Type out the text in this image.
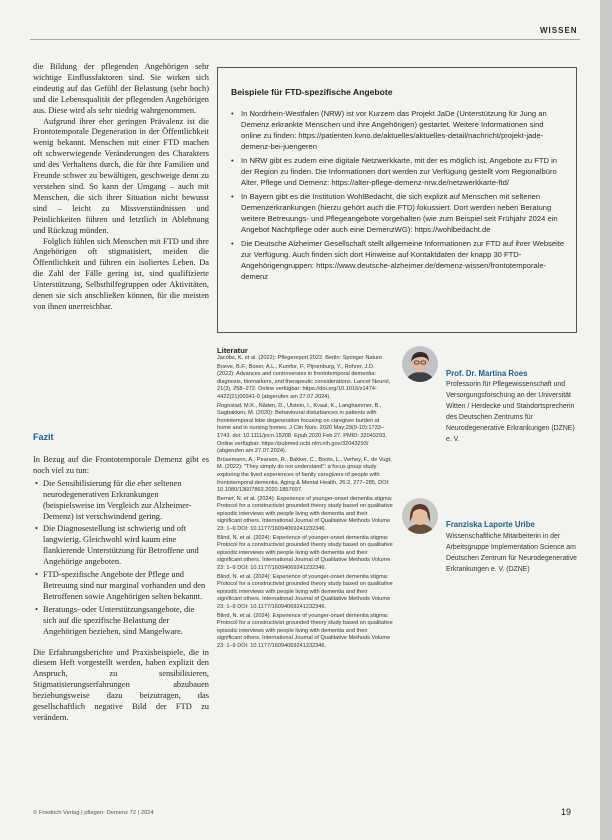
WISSEN

die Bildung der pflegenden Angehörigen sehr wichtige Einflussfaktoren sind. Sie wirken sich eindeutig auf das Gefühl der Belastung (sehr hoch) und die Lebensqualität der pflegenden Angehörigen aus. Diese wird als sehr niedrig wahrgenommen.

Aufgrund ihrer eher geringen Prävalenz ist die Frontotemporale Degeneration in der Öffentlichkeit wenig bekannt. Menschen mit einer FTD machen oft schwerwiegende Veränderungen des Charakters und des Verhaltens durch, die für ihre Familien und Freunde schwer zu bewältigen, geschweige denn zu verstehen sind. So kann der Umgang – auch mit Menschen, die sich ihrer Situation nicht bewusst sind – leicht zu Missverständnissen und Peinlichkeiten führen und letztlich in Ablehnung und Rückzug münden.

Folglich fühlen sich Menschen mit FTD und ihre Angehörigen oft stigmatisiert, meiden die Öffentlichkeit und führen ein isoliertes Leben. Da die Zahl der Fälle gering ist, sind qualifizierte Unterstützung, Selbsthilfegruppen oder Aktivitäten, denen sie sich anschließen können, für die meisten von ihnen unerreichbar.

Fazit

In Bezug auf die Frontotemporale Demenz gibt es noch viel zu tun:

• Die Sensibilisierung für die eher seltenen neurodegenerativen Erkrankungen (beispielsweise im Vergleich zur Alzheimer-Demenz) ist verschwindend gering.
• Die Diagnosestellung ist schwierig und oft langwierig. Gleichwohl wird kaum eine flankierende Unterstützung für Betroffene und Angehörige angeboten.
• FTD-spezifische Angebote der Pflege und Betreuung sind nur marginal vorhanden und den Betroffenen sowie Angehörigen selten bekannt.
• Beratungs- oder Unterstützungsangebote, die sich auf die spezifische Belastung der Angehörigen beziehen, sind Mangelware.

Die Erfahrungsberichte und Praxisbeispiele, die in diesem Heft vorgestellt werden, haben explizit den Anspruch, zu sensibilisieren, Stigmatisierungserfahrungen abzubauen beziehungsweise dazu beizutragen, das gesellschaftlich negative Bild der FTD zu verändern.

Beispiele für FTD-spezifische Angebote
• In Nordrhein-Westfalen (NRW) ist vor Kurzem das Projekt JaDe (Unterstützung für Jung an Demenz erkrankte Menschen und ihre Angehörigen) gestartet. Weitere Informationen sind online zu finden: https://patienten.kvno.de/aktuelles/aktuelles-detail/nachricht/projekt-jade-demenz-bei-juengeren
• In NRW gibt es zudem eine digitale Netzwerkkarte, mit der es möglich ist, Angebote zu FTD in der Region zu finden. Die Informationen dort werden zur Verfügung gestellt vom Regionalbüro Alter, Pflege und Demenz: https://alter-pflege-demenz-nrw.de/netzwerkkarte-ftd/
• In Bayern gibt es die Institution WohlBedacht, die sich explizit auf Menschen mit seltenen Demenzerkrankungen (hierzu gehört auch die FTD) fokussiert. Dort werden neben Beratung weitere Betreuungs- und Pflegeangebote vorgehalten (wie zum Beispiel seit Frühjahr 2024 ein Angebot Nachtpflege oder auch eine DemenzWG): https://wohlbedacht.de
• Die Deutsche Alzheimer Gesellschaft stellt allgemeine Informationen zur FTD auf ihrer Webseite zur Verfügung. Auch finden sich dort Hinweise auf Kontaktdaten der knapp 30 FTD-Angehörigengruppen: https://www.deutsche-alzheimer.de/demenz-wissen/frontotemporale-demenz
Literatur

Jacobs, K. et al. (2022): Pflegereport 2022. Berlin: Springer Nature.

Boeve, B.F., Boxer, A.L., Kumfor, F., Pijnenburg, Y., Rohrer, J.D. (2022): Advances and controversies in frontotemporal dementia: diagnosis, biomarkers, and therapeutic considerations. Lancet Neurol, 21(3), 258–272. Online verfügbar: https://doi.org/10.1016/s1474-4422(21)00341-0 (abgerufen am 27.07.2024).

Rognstad, M.K., Nåden, D., Ulstein, I., Kvaal, K., Langhammer, B., Sagbakken, M. (2020): Behavioural disturbances in patients with frontotemporal lobe degeneration focusing on caregiver burden at home and in nursing homes. J Clin Nurs. 2020 May;29(9-10):1733–1743. doi: 10.1111/jocn.15208. Epub 2020 Feb 27. PMID: 32043293. Online verfügbar: https://pubmed.ncbi.nlm.nih.gov/32043293/ (abgerufen am 27.07.2024).

Brüsemann, A., Pearson, R., Bakker, C., Boots, L., Verhey, F., de Vugt, M. (2022): "They simply do not understand": a focus group study exploring the lived experiences of family caregivers of people with frontotemporal dementia, Aging & Mental Health, 26:2, 277–285, DOI: 10.1080/13607863.2020.1857697.

Berner, N. et al. (2024): Experience of younger-onset dementia stigma: Protocol for a constructivist grounded theory study based on qualitative episodic interviews with people living with dementia and their significant others. International Journal of Qualitative Methods Volume 23: 1–9 DOI: 10.1177/16094069241232346.

Blind, N. et al. (2024): Experience of younger-onset dementia stigma: Protocol for a constructivist grounded theory study based on qualitative episodic interviews with people living with dementia and their significant others. International Journal of Qualitative Methods Volume 23: 1–9 DOI: 10.1177/16094069241232346.

Blind, N. et al. (2024): Experience of younger-onset dementia stigma: Protocol for a constructivist grounded theory study based on qualitative episodic interviews with people living with dementia and their significant others. International Journal of Qualitative Methods Volume 23: 1–9 DOI: 10.1177/16094069241232346.

Blind, N. et al. (2024): Experience of younger-onset dementia stigma: Protocol for a constructivist grounded theory study based on qualitative episodic interviews with people living with dementia and their significant others. International Journal of Qualitative Methods Volume 23: 1–9 DOI: 10.1177/16094069241232346.

Prof. Dr. Martina Roes
Professorin für Pflegewissenschaft und Versorgungsforschung an der Universität Witten / Herdecke und Standortsprecherin des Deutschen Zentrums für Neurodegenerative Erkrankungen (DZNE) e. V.
Franziska Laporte Uribe
Wissenschaftliche Mitarbeiterin in der Arbeitsgruppe Implementation Science am Deutschen Zentrum für Neurodegenerative Erkrankungen e. V. (DZNE)
© Friedrich Verlag | pflegen: Demenz 72 | 2024	19
